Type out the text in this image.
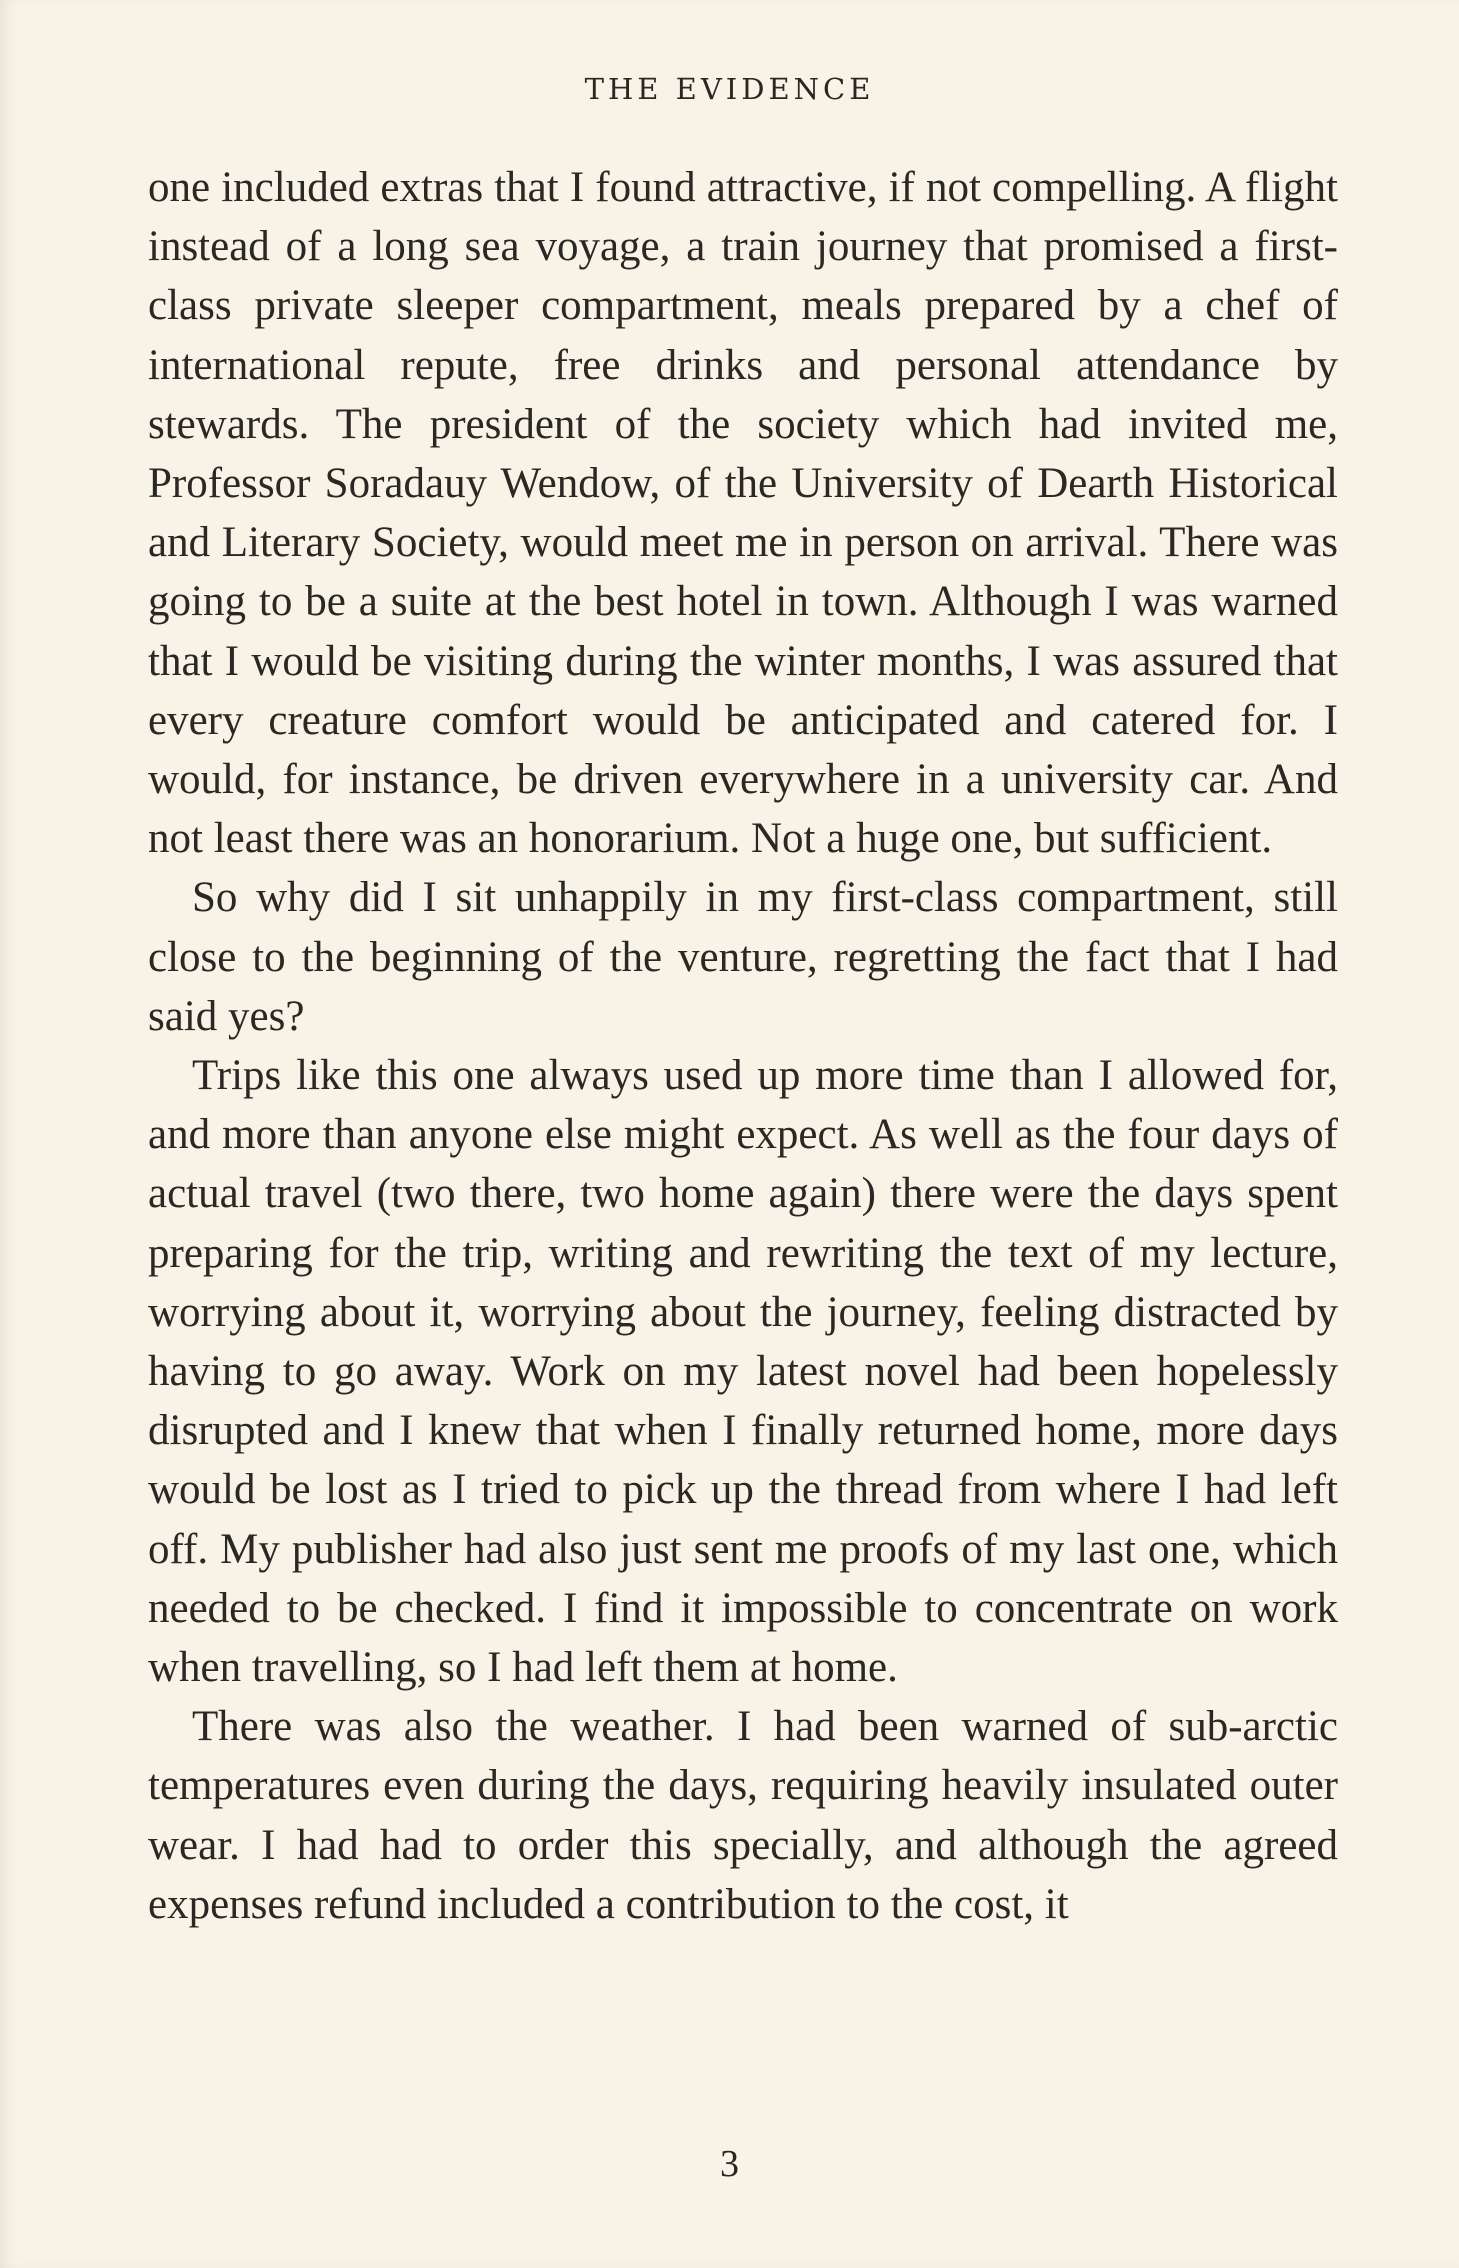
THE EVIDENCE

one included extras that I found attractive, if not compelling. A flight instead of a long sea voyage, a train journey that promised a first-class private sleeper compartment, meals prepared by a chef of international repute, free drinks and personal attendance by stewards. The president of the society which had invited me, Professor Soradauy Wendow, of the University of Dearth Historical and Literary Society, would meet me in person on arrival. There was going to be a suite at the best hotel in town. Although I was warned that I would be visiting during the winter months, I was assured that every creature comfort would be anticipated and catered for. I would, for instance, be driven everywhere in a university car. And not least there was an honorarium. Not a huge one, but sufficient.

So why did I sit unhappily in my first-class compartment, still close to the beginning of the venture, regretting the fact that I had said yes?

Trips like this one always used up more time than I allowed for, and more than anyone else might expect. As well as the four days of actual travel (two there, two home again) there were the days spent preparing for the trip, writing and rewriting the text of my lecture, worrying about it, worrying about the journey, feeling distracted by having to go away. Work on my latest novel had been hopelessly disrupted and I knew that when I finally returned home, more days would be lost as I tried to pick up the thread from where I had left off. My publisher had also just sent me proofs of my last one, which needed to be checked. I find it impossible to concentrate on work when travelling, so I had left them at home.

There was also the weather. I had been warned of sub-arctic temperatures even during the days, requiring heavily insulated outer wear. I had had to order this specially, and although the agreed expenses refund included a contribution to the cost, it

3
